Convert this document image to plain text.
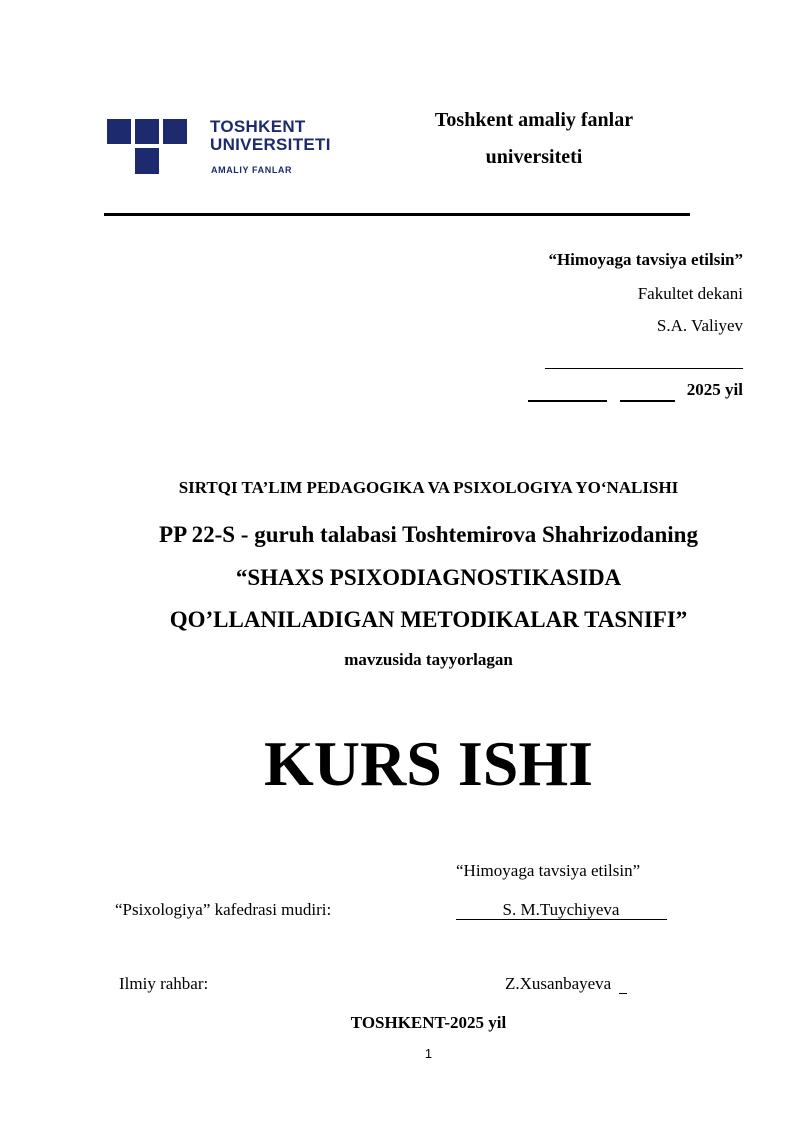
TOSHKENT
UNIVERSITETI
AMALIY FANLAR
Toshkent amaliy fanlar
universiteti
“Himoyaga tavsiya etilsin”
Fakultet dekani
S.A. Valiyev
2025 yil
SIRTQI TA’LIM PEDAGOGIKA VA PSIXOLOGIYA YO‘NALISHI
PP 22-S - guruh talabasi Toshtemirova Shahrizodaning
“SHAXS PSIXODIAGNOSTIKASIDA
QO’LLANILADIGAN METODIKALAR TASNIFI”
mavzusida tayyorlagan
KURS ISHI
“Himoyaga tavsiya etilsin”
“Psixologiya” kafedrasi mudiri:	S. M.Tuychiyeva
Ilmiy rahbar:	Z.Xusanbayeva
TOSHKENT-2025 yil
1
